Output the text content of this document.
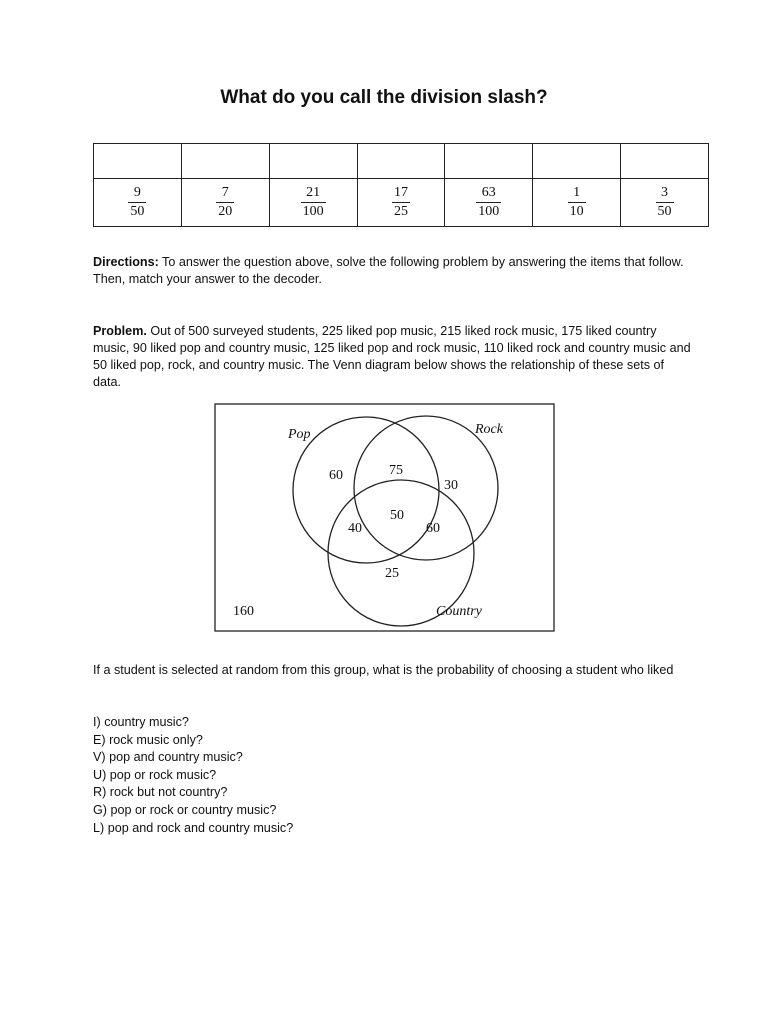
What do you call the division slash?

$\frac{9}{50}$	$\frac{7}{20}$	$\frac{21}{100}$	$\frac{17}{25}$	$\frac{63}{100}$	$\frac{1}{10}$	$\frac{3}{50}$

Directions: To answer the question above, solve the following problem by answering the items that follow. Then, match your answer to the decoder.

Problem. Out of 500 surveyed students, 225 liked pop music, 215 liked rock music, 175 liked country music, 90 liked pop and country music, 125 liked pop and rock music, 110 liked rock and country music and 50 liked pop, rock, and country music. The Venn diagram below shows the relationship of these sets of data.

Pop	Rock
Country
60	75
30
40
50
60
25
160

If a student is selected at random from this group, what is the probability of choosing a student who liked

I) country music?
E) rock music only?
V) pop and country music?
U) pop or rock music?
R) rock but not country?
G) pop or rock or country music?
L) pop and rock and country music?
